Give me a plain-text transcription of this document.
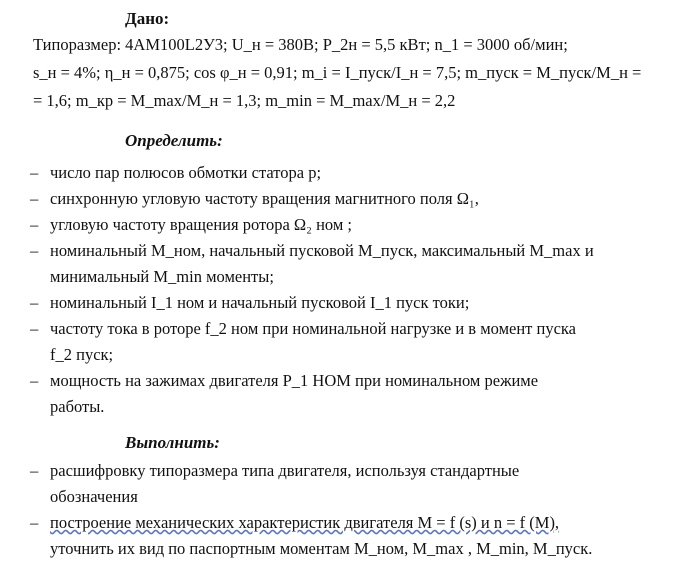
Дано:
Типоразмер: 4АМ100L2У3; U_н = 380В; P_2н = 5,5 кВт; n_1 = 3000 об/мин;
s_н = 4%; η_н = 0,875; cos φ_н = 0,91; m_i = I_пуск/I_н = 7,5; m_пуск = M_пуск/M_н =
= 1,6; m_кр = M_max/M_н = 1,3; m_min = M_max/M_н = 2,2
Определить:
– число пар полюсов обмотки статора p;
– синхронную угловую частоту вращения магнитного поля Ω₁,
– угловую частоту вращения ротора Ω₂ ном ;
– номинальный M_ном, начальный пусковой M_пуск, максимальный M_max и
минимальный M_min моменты;
– номинальный I_1 ном и начальный пусковой I_1 пуск токи;
– частоту тока в роторе f_2 ном при номинальной нагрузке и в момент пуска
f_2 пуск;
– мощность на зажимах двигателя P_1 НОМ при номинальном режиме
работы.
Выполнить:
– расшифровку типоразмера типа двигателя, используя стандартные
обозначения
– построение механических характеристик двигателя M = f (s) и n = f (M),
уточнить их вид по паспортным моментам M_ном, M_max , M_min, M_пуск.
